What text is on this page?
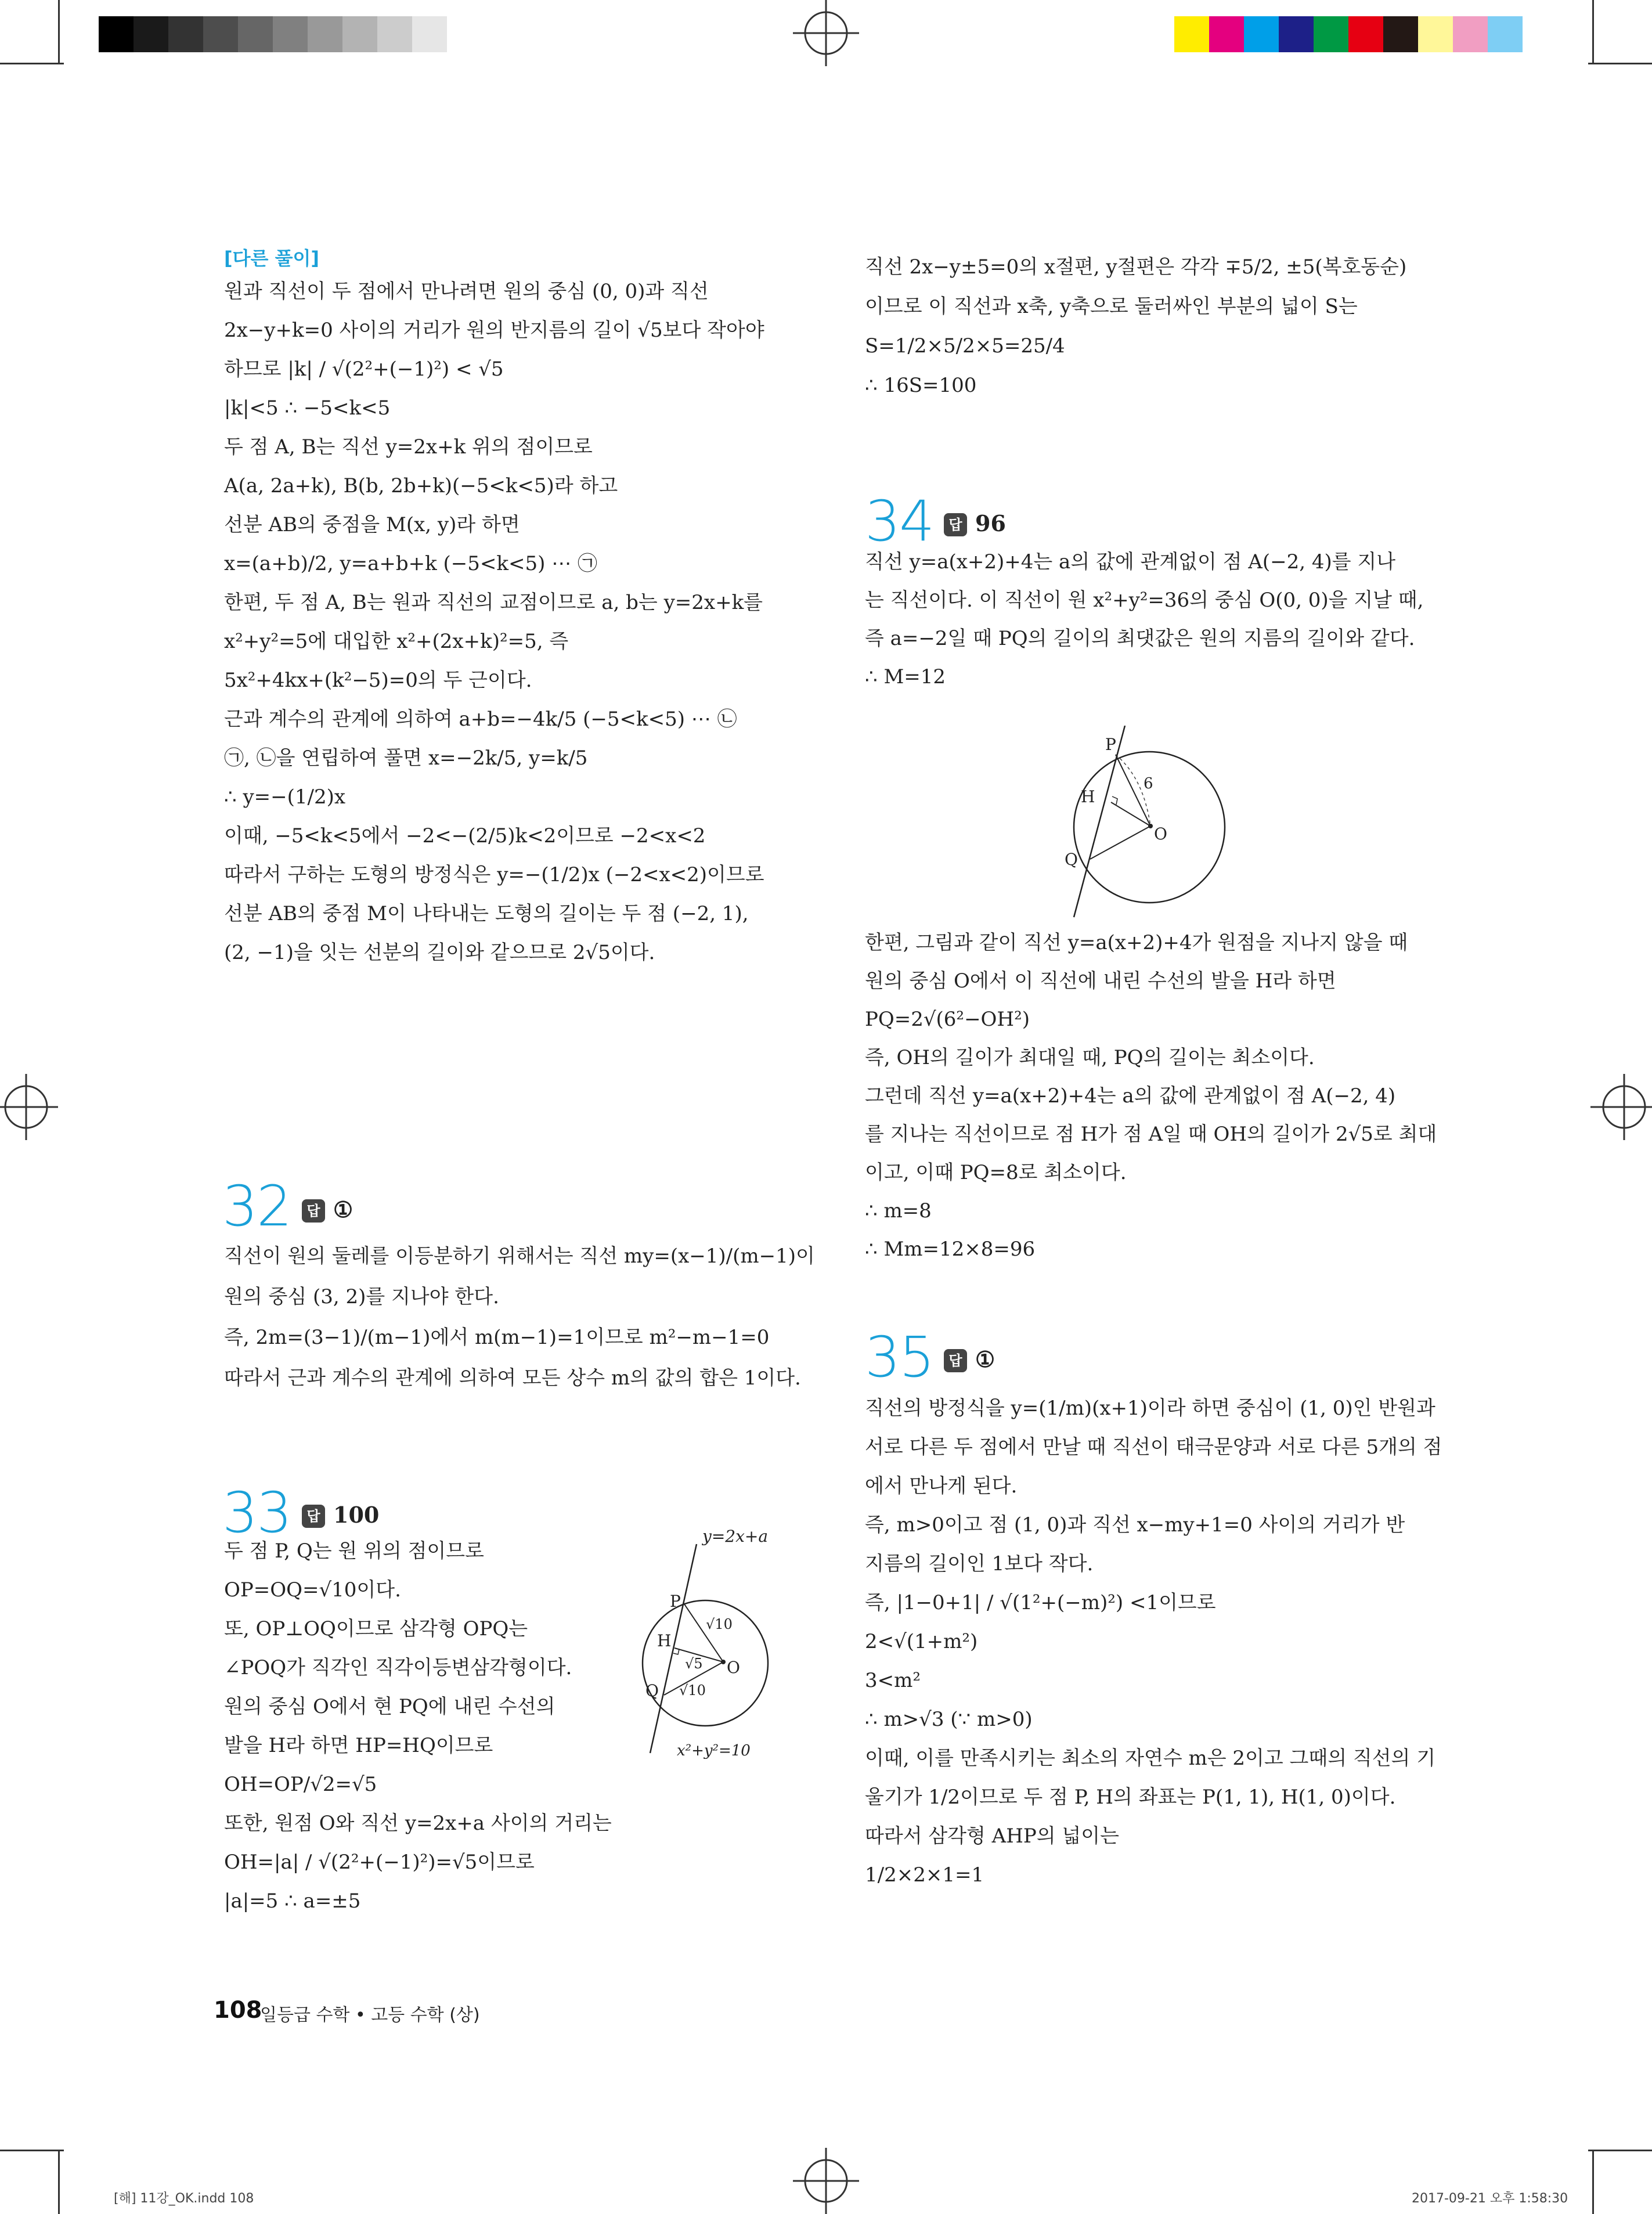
[다른 풀이]
원과 직선이 두 점에서 만나려면 원의 중심 (0, 0)과 직선
2x−y+k=0 사이의 거리가 원의 반지름의 길이 √5보다 작아야
하므로 |k| / √(2²+(−1)²) < √5
|k|<5 ∴ −5<k<5
두 점 A, B는 직선 y=2x+k 위의 점이므로
A(a, 2a+k), B(b, 2b+k)(−5<k<5)라 하고
선분 AB의 중점을 M(x, y)라 하면
x=(a+b)/2, y=a+b+k (−5<k<5) ⋯ ㉠
한편, 두 점 A, B는 원과 직선의 교점이므로 a, b는 y=2x+k를
x²+y²=5에 대입한 x²+(2x+k)²=5, 즉
5x²+4kx+(k²−5)=0의 두 근이다.
근과 계수의 관계에 의하여 a+b=−4k/5 (−5<k<5) ⋯ ㉡
㉠, ㉡을 연립하여 풀면 x=−2k/5, y=k/5
∴ y=−(1/2)x
이때, −5<k<5에서 −2<−(2/5)k<2이므로 −2<x<2
따라서 구하는 도형의 방정식은 y=−(1/2)x (−2<x<2)이므로
선분 AB의 중점 M이 나타내는 도형의 길이는 두 점 (−2, 1),
(2, −1)을 잇는 선분의 길이와 같으므로 2√5이다.
32	답 ①
직선이 원의 둘레를 이등분하기 위해서는 직선 my=(x−1)/(m−1)이
원의 중심 (3, 2)를 지나야 한다.
즉, 2m=(3−1)/(m−1)에서 m(m−1)=1이므로 m²−m−1=0
따라서 근과 계수의 관계에 의하여 모든 상수 m의 값의 합은 1이다.
33	답 100
두 점 P, Q는 원 위의 점이므로
OP=OQ=√10이다.
또, OP⊥OQ이므로 삼각형 OPQ는
∠POQ가 직각인 직각이등변삼각형이다.
원의 중심 O에서 현 PQ에 내린 수선의
발을 H라 하면 HP=HQ이므로
OH=OP/√2=√5
또한, 원점 O와 직선 y=2x+a 사이의 거리는
OH=|a| / √(2²+(−1)²)=√5이므로
|a|=5 ∴ a=±5
y=2x+a
P
H
Q
O
√10
√10
√5
x²+y²=10
직선 2x−y±5=0의 x절편, y절편은 각각 ∓5/2, ±5(복호동순)
이므로 이 직선과 x축, y축으로 둘러싸인 부분의 넓이 S는
S=1/2×5/2×5=25/4
∴ 16S=100
34	답 96
직선 y=a(x+2)+4는 a의 값에 관계없이 점 A(−2, 4)를 지나
는 직선이다. 이 직선이 원 x²+y²=36의 중심 O(0, 0)을 지날 때,
즉 a=−2일 때 PQ의 길이의 최댓값은 원의 지름의 길이와 같다.
∴ M=12
P
H
Q
O
6
한편, 그림과 같이 직선 y=a(x+2)+4가 원점을 지나지 않을 때
원의 중심 O에서 이 직선에 내린 수선의 발을 H라 하면
PQ=2√(6²−OH²)
즉, OH의 길이가 최대일 때, PQ의 길이는 최소이다.
그런데 직선 y=a(x+2)+4는 a의 값에 관계없이 점 A(−2, 4)
를 지나는 직선이므로 점 H가 점 A일 때 OH의 길이가 2√5로 최대
이고, 이때 PQ=8로 최소이다.
∴ m=8
∴ Mm=12×8=96
35	답 ①
직선의 방정식을 y=(1/m)(x+1)이라 하면 중심이 (1, 0)인 반원과
서로 다른 두 점에서 만날 때 직선이 태극문양과 서로 다른 5개의 점
에서 만나게 된다.
즉, m>0이고 점 (1, 0)과 직선 x−my+1=0 사이의 거리가 반
지름의 길이인 1보다 작다.
즉, |1−0+1| / √(1²+(−m)²) <1이므로
2<√(1+m²)
3<m²
∴ m>√3 (∵ m>0)
이때, 이를 만족시키는 최소의 자연수 m은 2이고 그때의 직선의 기
울기가 1/2이므로 두 점 P, H의 좌표는 P(1, 1), H(1, 0)이다.
따라서 삼각형 AHP의 넓이는
1/2×2×1=1
108
일등급 수학 • 고등 수학 (상)
[해] 11강_OK.indd 108	2017-09-21 오후 1:58:30
